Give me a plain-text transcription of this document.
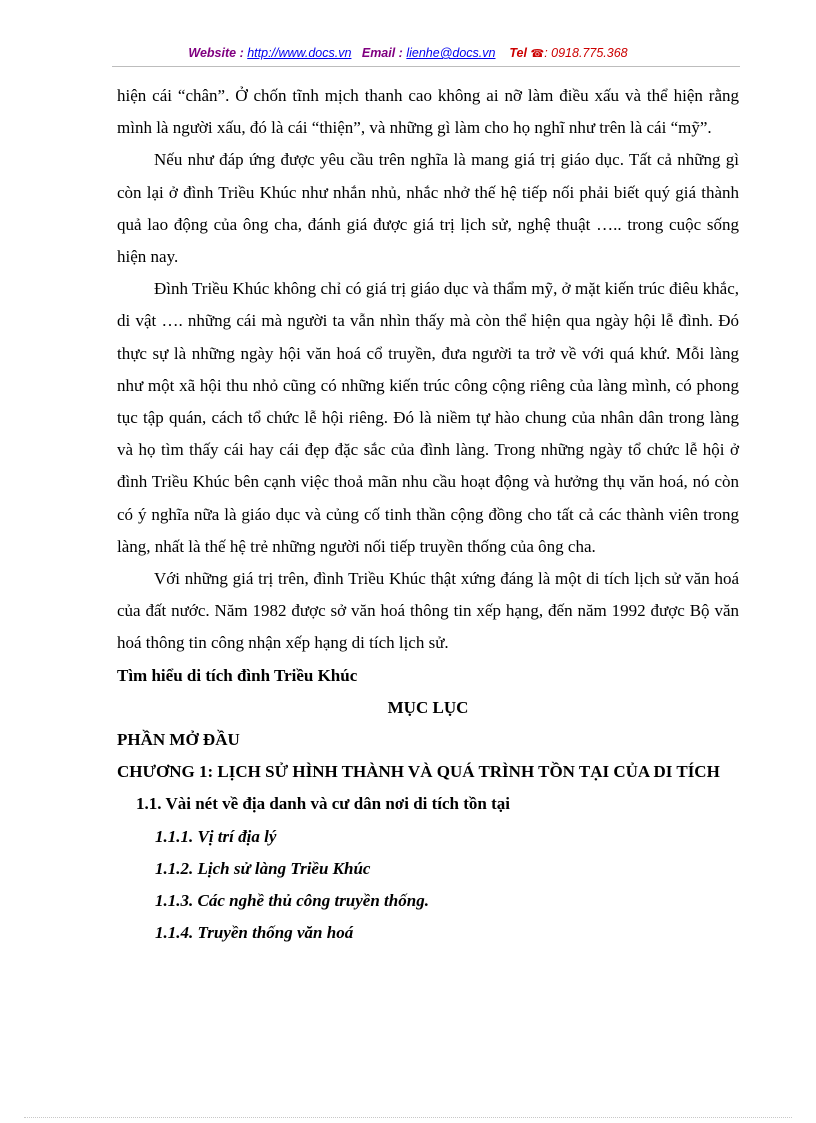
Website : http://www.docs.vn Email : lienhe@docs.vn Tel ☎: 0918.775.368

hiện cái “chân”. Ở chốn tĩnh mịch thanh cao không ai nỡ làm điều xấu và thể hiện rằng mình là người xấu, đó là cái “thiện”, và những gì làm cho họ nghĩ như trên là cái “mỹ”.

Nếu như đáp ứng được yêu cầu trên nghĩa là mang giá trị giáo dục. Tất cả những gì còn lại ở đình Triều Khúc như nhắn nhủ, nhắc nhở thế hệ tiếp nối phải biết quý giá thành quả lao động của ông cha, đánh giá được giá trị lịch sử, nghệ thuật ….. trong cuộc sống hiện nay.

Đình Triều Khúc không chỉ có giá trị giáo dục và thẩm mỹ, ở mặt kiến trúc điêu khắc, di vật …. những cái mà người ta vẫn nhìn thấy mà còn thể hiện qua ngày hội lễ đình. Đó thực sự là những ngày hội văn hoá cổ truyền, đưa người ta trở về với quá khứ. Mỗi làng như một xã hội thu nhỏ cũng có những kiến trúc công cộng riêng của làng mình, có phong tục tập quán, cách tổ chức lễ hội riêng. Đó là niềm tự hào chung của nhân dân trong làng và họ tìm thấy cái hay cái đẹp đặc sắc của đình làng. Trong những ngày tổ chức lễ hội ở đình Triều Khúc bên cạnh việc thoả mãn nhu cầu hoạt động và hưởng thụ văn hoá, nó còn có ý nghĩa nữa là giáo dục và củng cố tinh thần cộng đồng cho tất cả các thành viên trong làng, nhất là thế hệ trẻ những người nối tiếp truyền thống của ông cha.

Với những giá trị trên, đình Triều Khúc thật xứng đáng là một di tích lịch sử văn hoá của đất nước. Năm 1982 được sở văn hoá thông tin xếp hạng, đến năm 1992 được Bộ văn hoá thông tin công nhận xếp hạng di tích lịch sử.

Tìm hiểu di tích đình Triều Khúc

MỤC LỤC

PHẦN MỞ ĐẦU

CHƯƠNG 1: LỊCH SỬ HÌNH THÀNH VÀ QUÁ TRÌNH TỒN TẠI CỦA DI TÍCH

1.1. Vài nét về địa danh và cư dân nơi di tích tồn tại

1.1.1. Vị trí địa lý

1.1.2. Lịch sử làng Triều Khúc

1.1.3. Các nghề thủ công truyền thống.

1.1.4. Truyền thống văn hoá
